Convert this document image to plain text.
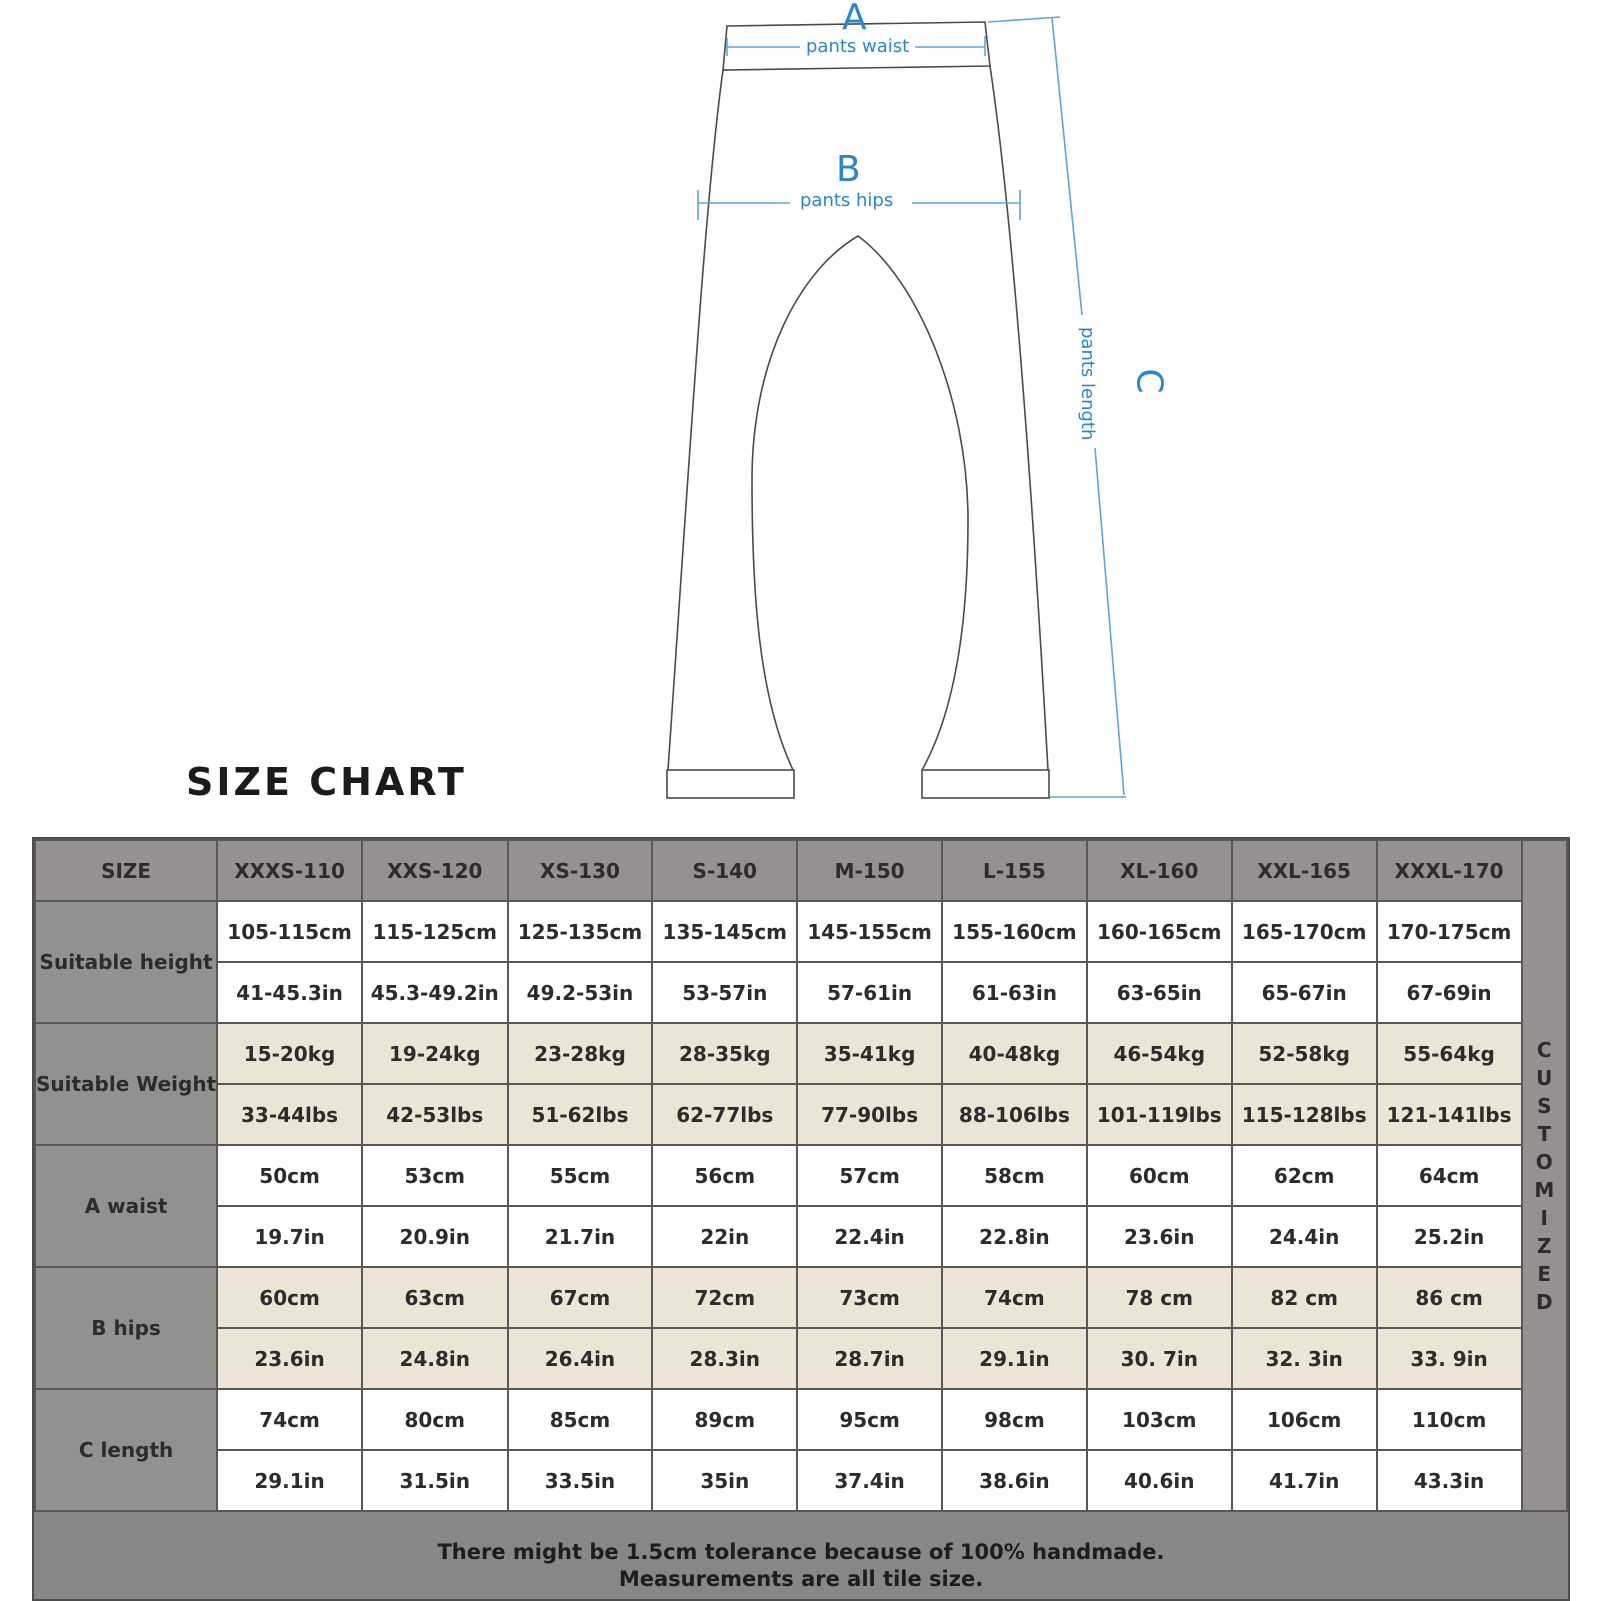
A
pants waist
B
pants hips
C
pants length
SIZE CHART
SIZE	XXXS-110	XXS-120	XS-130	S-140	M-150	L-155	XL-160	XXL-165	XXXL-170	CUSTOMIZED

Suitable height	105-115cm	115-125cm	125-135cm	135-145cm	145-155cm	155-160cm	160-165cm	165-170cm	170-175cm	
	41-45.3in	45.3-49.2in	49.2-53in	53-57in	57-61in	61-63in	63-65in	65-67in	67-69in	
Suitable Weight	15-20kg	19-24kg	23-28kg	28-35kg	35-41kg	40-48kg	46-54kg	52-58kg	55-64kg	
	33-44lbs	42-53lbs	51-62lbs	62-77lbs	77-90lbs	88-106lbs	101-119lbs	115-128lbs	121-141lbs	
A waist	50cm	53cm	55cm	56cm	57cm	58cm	60cm	62cm	64cm	
	19.7in	20.9in	21.7in	22in	22.4in	22.8in	23.6in	24.4in	25.2in	
B hips	60cm	63cm	67cm	72cm	73cm	74cm	78 cm	82 cm	86 cm	
	23.6in	24.8in	26.4in	28.3in	28.7in	29.1in	30. 7in	32. 3in	33. 9in	
C length	74cm	80cm	85cm	89cm	95cm	98cm	103cm	106cm	110cm	
	29.1in	31.5in	33.5in	35in	37.4in	38.6in	40.6in	41.7in	43.3in	
There might be 1.5cm tolerance because of 100% handmade.
Measurements are all tile size.
